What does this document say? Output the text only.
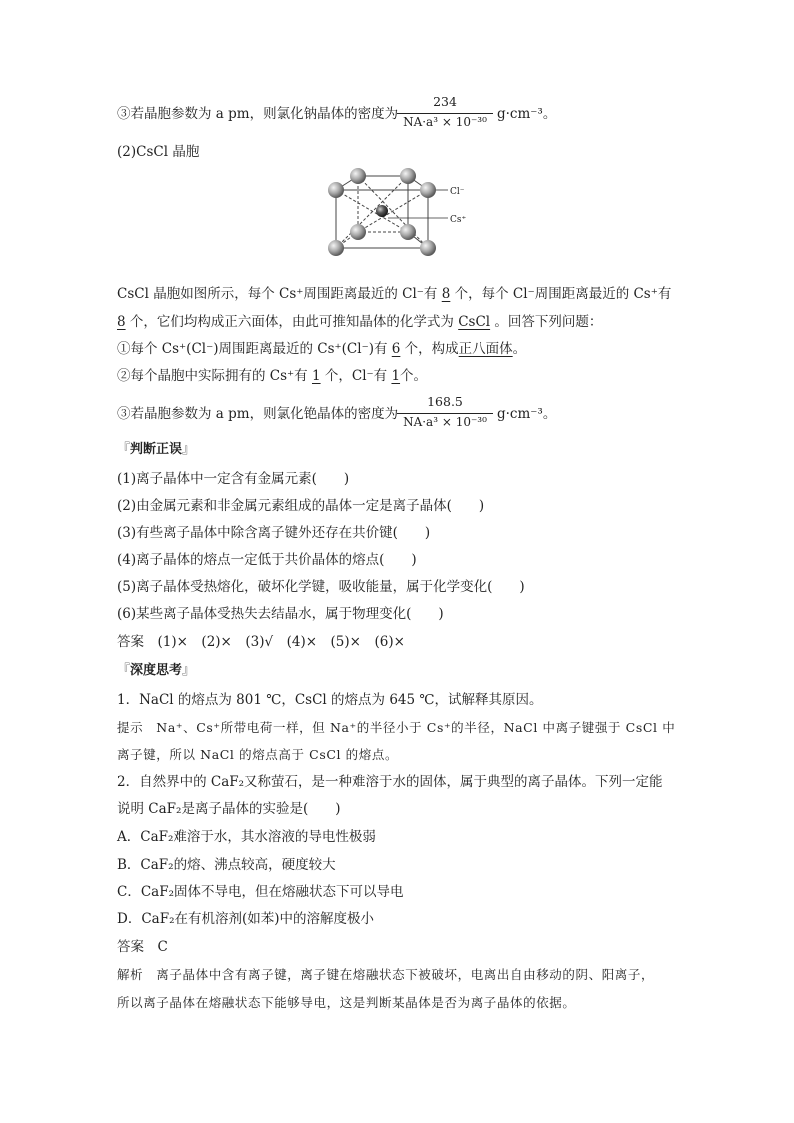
③若晶胞参数为 a pm，则氯化钠晶体的密度为
234
NA·a³ × 10⁻³⁰ g·cm⁻³。
(2)CsCl 晶胞
Cl⁻
Cs⁺
CsCl 晶胞如图所示，每个 Cs⁺周围距离最近的 Cl⁻有 8 个，每个 Cl⁻周围距离最近的 Cs⁺有
8 个，它们均构成正六面体，由此可推知晶体的化学式为 CsCl 。回答下列问题：
①每个 Cs⁺(Cl⁻)周围距离最近的 Cs⁺(Cl⁻)有 6 个，构成正八面体。
②每个晶胞中实际拥有的 Cs⁺有 1 个，Cl⁻有 1个。
③若晶胞参数为 a pm，则氯化铯晶体的密度为
168.5
NA·a³ × 10⁻³⁰ g·cm⁻³。
『判断正误』
(1)离子晶体中一定含有金属元素(　　)
(2)由金属元素和非金属元素组成的晶体一定是离子晶体(　　)
(3)有些离子晶体中除含离子键外还存在共价键(　　)
(4)离子晶体的熔点一定低于共价晶体的熔点(　　)
(5)离子晶体受热熔化，破坏化学键，吸收能量，属于化学变化(　　)
(6)某些离子晶体受热失去结晶水，属于物理变化(　　)
答案　(1)×　(2)×　(3)√　(4)×　(5)×　(6)×
『深度思考』
1．NaCl 的熔点为 801 ℃，CsCl 的熔点为 645 ℃，试解释其原因。
提示　Na⁺、Cs⁺所带电荷一样，但 Na⁺的半径小于 Cs⁺的半径，NaCl 中离子键强于 CsCl 中
离子键，所以 NaCl 的熔点高于 CsCl 的熔点。
2．自然界中的 CaF₂又称萤石，是一种难溶于水的固体，属于典型的离子晶体。下列一定能
说明 CaF₂是离子晶体的实验是(　　)
A．CaF₂难溶于水，其水溶液的导电性极弱
B．CaF₂的熔、沸点较高，硬度较大
C．CaF₂固体不导电，但在熔融状态下可以导电
D．CaF₂在有机溶剂(如苯)中的溶解度极小
答案　C
解析　离子晶体中含有离子键，离子键在熔融状态下被破坏，电离出自由移动的阴、阳离子，
所以离子晶体在熔融状态下能够导电，这是判断某晶体是否为离子晶体的依据。
